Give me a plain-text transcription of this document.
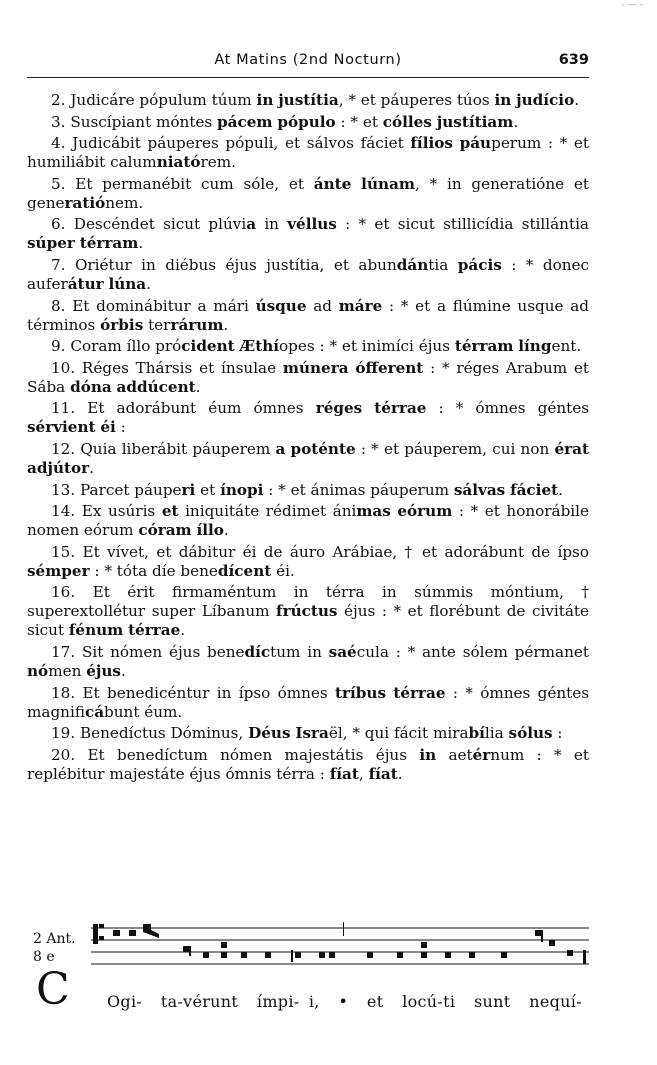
- — -
At Matins (2nd Nocturn)	639

2. Judicáre pópulum túum in justítia, * et páuperes túos in judício.

3. Suscípiant móntes pácem pópulo : * et cólles justítiam.

4. Judicábit páuperes pópuli, et sálvos fáciet fílios páuperum : * et humiliábit calumniatórem.

5. Et permanébit cum sóle, et ánte lúnam, * in generatióne et generatiónem.

6. Descéndet sicut plúvia in véllus : * et sicut stillicídia stillántia súper térram.

7. Oriétur in diébus éjus justítia, et abundántia pácis : * donec auferátur lúna.

8. Et dominábitur a mári úsque ad máre : * et a flúmine usque ad términos órbis terrárum.

9. Coram íllo prócident Æthíopes : * et inimíci éjus térram língent.

10. Réges Thársis et ínsulae múnera ófferent : * réges Arabum et Sába dóna addúcent.

11. Et adorábunt éum ómnes réges térrae : * ómnes géntes sérvient éi :

12. Quia liberábit páuperem a poténte : * et páuperem, cui non érat adjútor.

13. Parcet páuperi et ínopi : * et ánimas páuperum sálvas fáciet.

14. Ex usúris et iniquitáte rédimet ánimas eórum : * et honorábile nomen eórum córam íllo.

15. Et vívet, et dábitur éi de áuro Arábiae, † et adorábunt de ípso sémper : * tóta díe benedícent éi.

16. Et érit firmaméntum in térra in súmmis móntium, † superextollétur super Líbanum frúctus éjus : * et florébunt de civitáte sicut fénum térrae.

17. Sit nómen éjus benedíctum in saécula : * ante sólem pérmanet nómen éjus.

18. Et benedicéntur in ípso ómnes tríbus térrae : * ómnes géntes magnificábunt éum.

19. Benedíctus Dóminus, Déus Israël, * qui fácit mirabília sólus :

20. Et benedíctum nómen majestátis éjus in aetérnum : * et replébitur majestáte éjus ómnis térra : fíat, fíat.

2 Ant.
8 e
C Ogi-  ta-vérunt  ímpi- i,  •  et  locú-ti  sunt  nequí-
